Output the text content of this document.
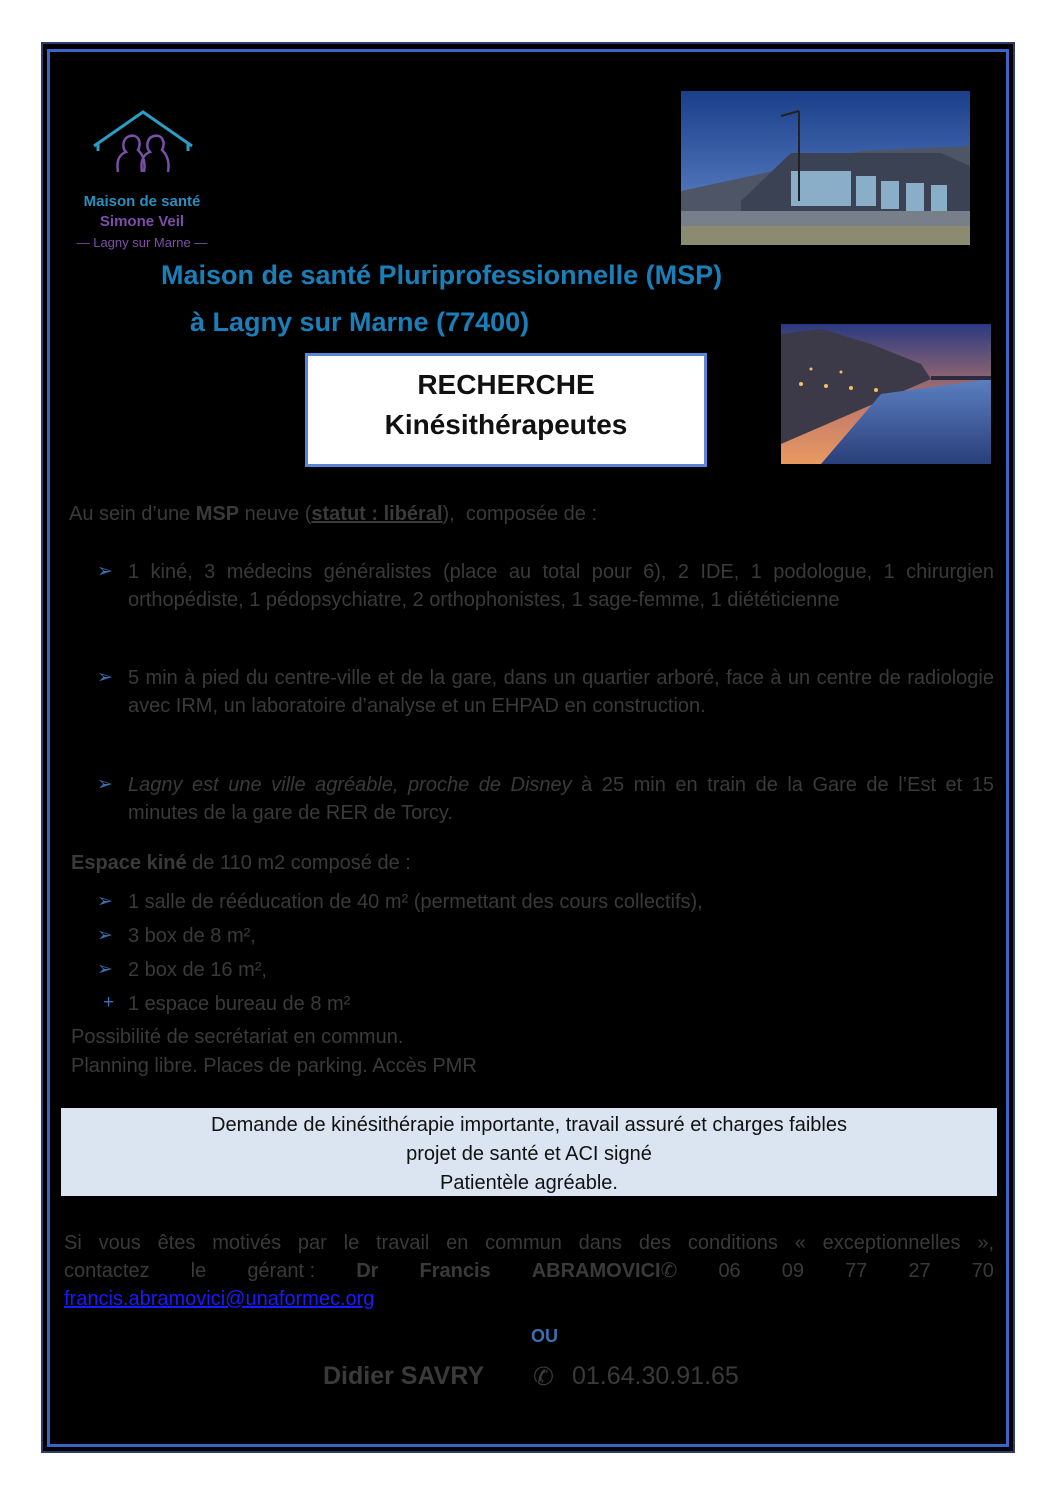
Maison de santé
Simone Veil
— Lagny sur Marne —
Maison de santé Pluriprofessionnelle (MSP)
à Lagny sur Marne (77400)
RECHERCHE
Kinésithérapeutes
Au sein d’une MSP neuve (statut : libéral),  composée de :
➢ 1 kiné, 3 médecins généralistes (place au total pour 6), 2 IDE, 1 podologue, 1 chirurgien orthopédiste, 1 pédopsychiatre, 2 orthophonistes, 1 sage-femme, 1 diététicienne
➢ 5 min à pied du centre-ville et de la gare, dans un quartier arboré, face à un centre de radiologie avec IRM, un laboratoire d’analyse et un EHPAD en construction.
➢ Lagny est une ville agréable, proche de Disney à 25 min en train de la Gare de l’Est et 15 minutes de la gare de RER de Torcy.
Espace kiné de 110 m2 composé de :
➢ 1 salle de rééducation de 40 m² (permettant des cours collectifs),
➢ 3 box de 8 m²,
➢ 2 box de 16 m²,
+ 1 espace bureau de 8 m²
Possibilité de secrétariat en commun.
Planning libre. Places de parking. Accès PMR
Demande de kinésithérapie importante, travail assuré et charges faibles
projet de santé et ACI signé
Patientèle agréable.
Si vous êtes motivés par le travail en commun dans des conditions « exceptionnelles »,
contactez le gérant : Dr Francis ABRAMOVICI✆ 06 09 77 27 70
francis.abramovici@unaformec.org
OU
Didier SAVRY ✆ 01.64.30.91.65
